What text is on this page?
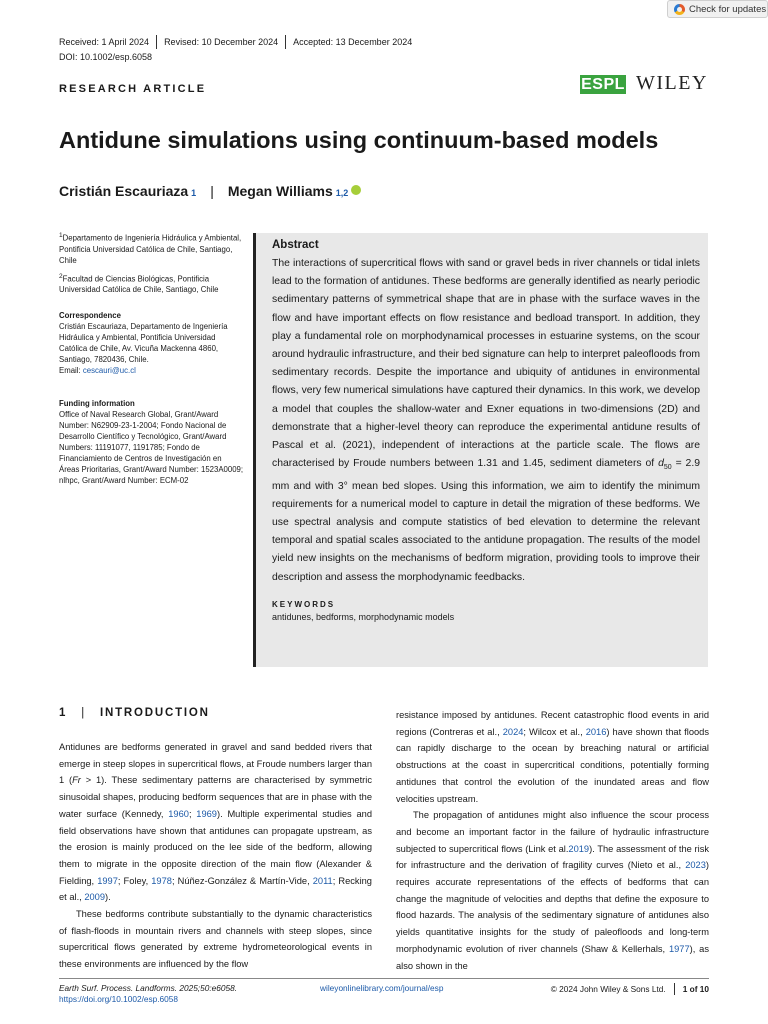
Check for updates
Received: 1 April 2024 Revised: 10 December 2024 Accepted: 13 December 2024
DOI: 10.1002/esp.6058
RESEARCH ARTICLE	ESPL WILEY
Antidune simulations using continuum-based models
Cristián Escauriaza 1 | Megan Williams 1,2

$^1$Departamento de Ingeniería Hidráulica y Ambiental, Pontificia Universidad Católica de Chile, Santiago, Chile

$^2$Facultad de Ciencias Biológicas, Pontificia Universidad Católica de Chile, Santiago, Chile

Correspondence

Cristián Escauriaza, Departamento de Ingeniería Hidráulica y Ambiental, Pontificia Universidad Católica de Chile, Av. Vicuña Mackenna 4860, Santiago, 7820436, Chile.

Email: cescauri@uc.cl

Funding information

Office of Naval Research Global, Grant/Award Number: N62909-23-1-2004; Fondo Nacional de Desarrollo Científico y Tecnológico, Grant/Award Numbers: 11191077, 1191785; Fondo de Financiamiento de Centros de Investigación en Áreas Prioritarias, Grant/Award Number: 1523A0009; nlhpc, Grant/Award Number: ECM-02

Abstract

The interactions of supercritical flows with sand or gravel beds in river channels or tidal inlets lead to the formation of antidunes. These bedforms are generally identified as nearly periodic sedimentary patterns of symmetrical shape that are in phase with the surface waves in the flow and have important effects on flow resistance and bedload transport. In addition, they play a fundamental role on morphodynamical processes in estuarine systems, on the scour around hydraulic infrastructure, and their bed signature can help to interpret paleofloods from sedimentary records. Despite the importance and ubiquity of antidunes in environmental flows, very few numerical simulations have captured their dynamics. In this work, we develop a model that couples the shallow-water and Exner equations in two-dimensions (2D) and demonstrate that a higher-level theory can reproduce the experimental antidune results of Pascal et al. (2021), independent of interactions at the particle scale. The flows are characterised by Froude numbers between 1.31 and 1.45, sediment diameters of $d_{50} = 2.9$ mm and with 3° mean bed slopes. Using this information, we aim to identify the minimum requirements for a numerical model to capture in detail the migration of these bedforms. We use spectral analysis and compute statistics of bed elevation to determine the relevant temporal and spatial scales associated to the antidune propagation. The results of the model yield new insights on the mechanisms of bedform migration, providing tools to improve their description and assess the morphodynamic feedbacks.

KEYWORDS
antidunes, bedforms, morphodynamic models
1 | INTRODUCTION

Antidunes are bedforms generated in gravel and sand bedded rivers that emerge in steep slopes in supercritical flows, at Froude numbers larger than 1 (Fr > 1). These sedimentary patterns are characterised by symmetric sinusoidal shapes, producing bedform sequences that are in phase with the water surface (Kennedy, 1960; 1969). Multiple experimental studies and field observations have shown that antidunes can propagate upstream, as the erosion is mainly produced on the lee side of the bedform, allowing them to migrate in the opposite direction of the main flow (Alexander & Fielding, 1997; Foley, 1978; Núñez-González & Martín-Vide, 2011; Recking et al., 2009).

These bedforms contribute substantially to the dynamic characteristics of flash-floods in mountain rivers and channels with steep slopes, since supercritical flows generated by extreme hydrometeorological events in these environments are influenced by the flow

resistance imposed by antidunes. Recent catastrophic flood events in arid regions (Contreras et al., 2024; Wilcox et al., 2016) have shown that floods can rapidly discharge to the ocean by breaching natural or artificial obstructions at the coast in supercritical conditions, potentially forming antidunes that control the evolution of the inundated areas and flow velocities upstream.

The propagation of antidunes might also influence the scour process and become an important factor in the failure of hydraulic infrastructure subjected to supercritical flows (Link et al.2019). The assessment of the risk for infrastructure and the derivation of fragility curves (Nieto et al., 2023) requires accurate representations of the effects of bedforms that can change the magnitude of velocities and depths that define the exposure to flood hazards. The analysis of the sedimentary signature of antidunes also yields quantitative insights for the study of paleofloods and long-term morphodynamic evolution of river channels (Shaw & Kellerhals, 1977), as also shown in the

Earth Surf. Process. Landforms. 2025;50:e6058.
https://doi.org/10.1002/esp.6058
wileyonlinelibrary.com/journal/esp	© 2024 John Wiley & Sons Ltd. 1 of 10
